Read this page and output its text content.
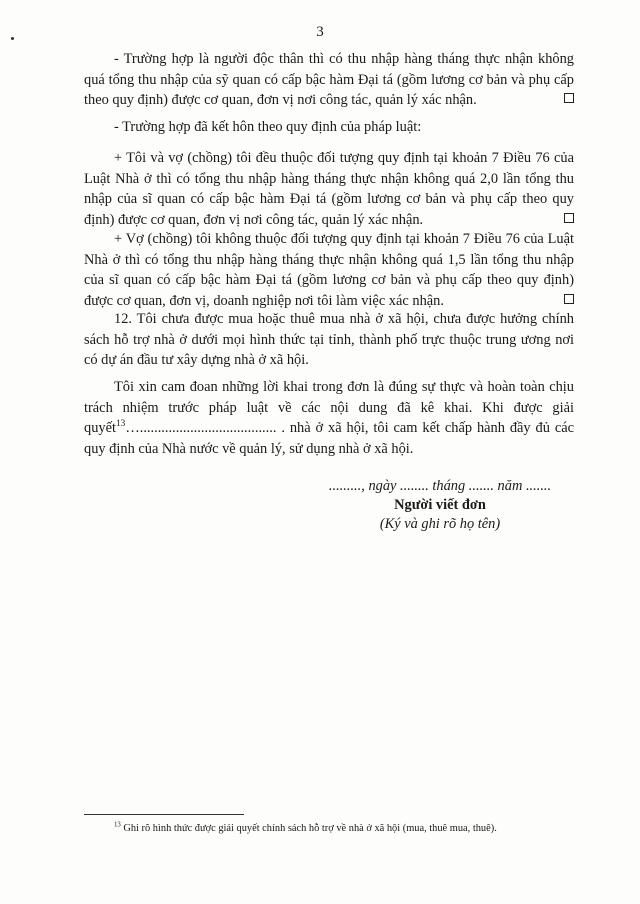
3

- Trường hợp là người độc thân thì có thu nhập hàng tháng thực nhận không quá tổng thu nhập của sỹ quan có cấp bậc hàm Đại tá (gồm lương cơ bản và phụ cấp theo quy định) được cơ quan, đơn vị nơi công tác, quản lý xác nhận.

- Trường hợp đã kết hôn theo quy định của pháp luật:

+ Tôi và vợ (chồng) tôi đều thuộc đối tượng quy định tại khoản 7 Điều 76 của Luật Nhà ở thì có tổng thu nhập hàng tháng thực nhận không quá 2,0 lần tổng thu nhập của sĩ quan có cấp bậc hàm Đại tá (gồm lương cơ bản và phụ cấp theo quy định) được cơ quan, đơn vị nơi công tác, quản lý xác nhận.

+ Vợ (chồng) tôi không thuộc đối tượng quy định tại khoản 7 Điều 76 của Luật Nhà ở thì có tổng thu nhập hàng tháng thực nhận không quá 1,5 lần tổng thu nhập của sĩ quan có cấp bậc hàm Đại tá (gồm lương cơ bản và phụ cấp theo quy định) được cơ quan, đơn vị, doanh nghiệp nơi tôi làm việc xác nhận.

12. Tôi chưa được mua hoặc thuê mua nhà ở xã hội, chưa được hưởng chính sách hỗ trợ nhà ở dưới mọi hình thức tại tỉnh, thành phố trực thuộc trung ương nơi có dự án đầu tư xây dựng nhà ở xã hội.

Tôi xin cam đoan những lời khai trong đơn là đúng sự thực và hoàn toàn chịu trách nhiệm trước pháp luật về các nội dung đã kê khai. Khi được giải quyết$^{13}$…...................................... . nhà ở xã hội, tôi cam kết chấp hành đầy đủ các quy định của Nhà nước về quản lý, sử dụng nhà ở xã hội.

........., ngày ........ tháng ....... năm .......
Người viết đơn
(Ký và ghi rõ họ tên)
$^{13}$ Ghi rõ hình thức được giải quyết chính sách hỗ trợ về nhà ở xã hội (mua, thuê mua, thuê).
